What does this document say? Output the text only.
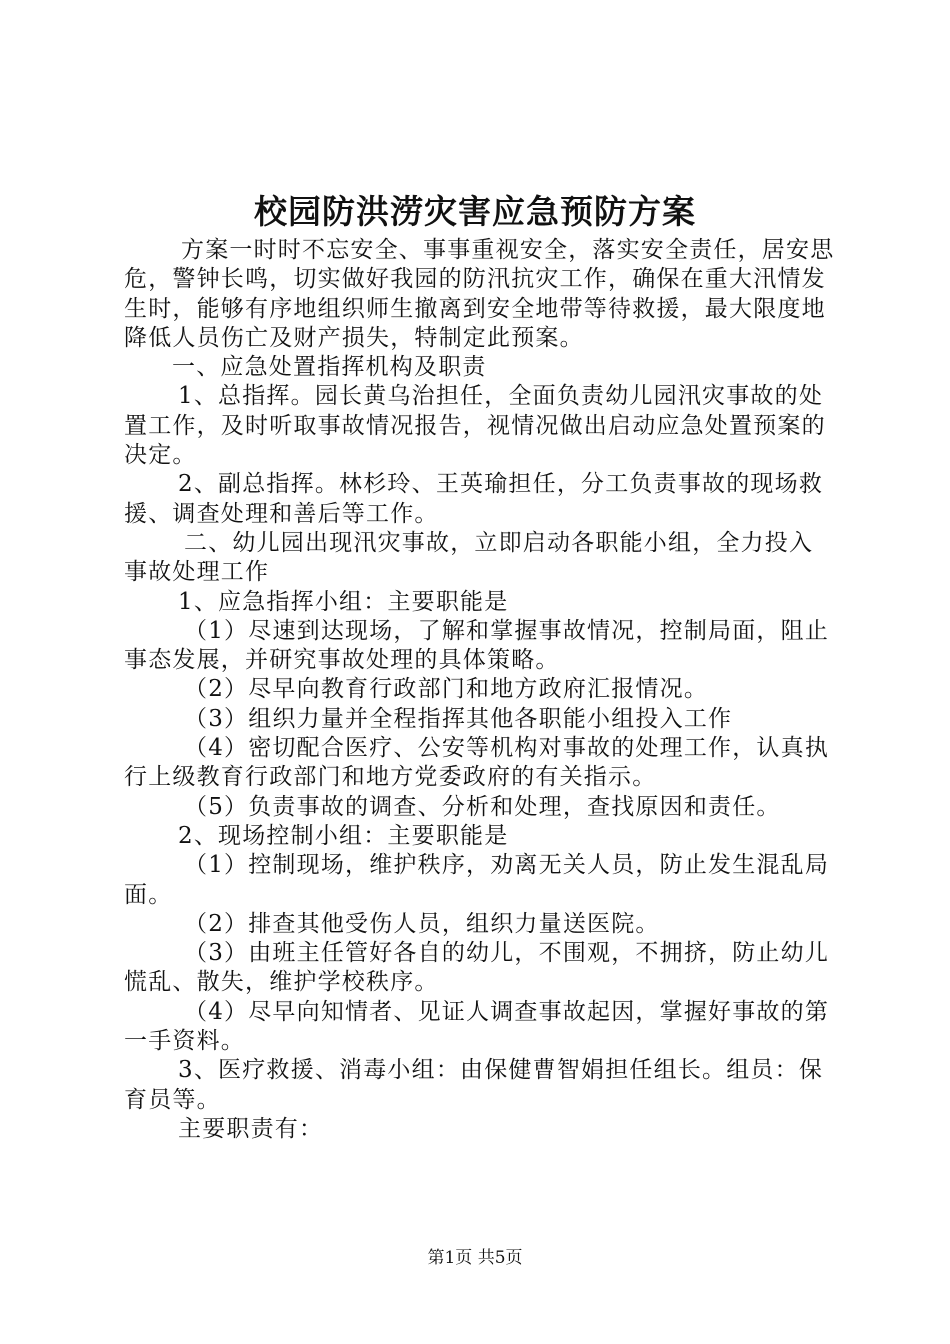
校园防洪涝灾害应急预防方案

方案一时时不忘安全、事事重视安全，落实安全责任，居安思危，警钟长鸣，切实做好我园的防汛抗灾工作，确保在重大汛情发生时，能够有序地组织师生撤离到安全地带等待救援，最大限度地降低人员伤亡及财产损失，特制定此预案。

一、应急处置指挥机构及职责

1、总指挥。园长黄乌治担任，全面负责幼儿园汛灾事故的处置工作，及时听取事故情况报告，视情况做出启动应急处置预案的决定。

2、副总指挥。林杉玲、王英瑜担任，分工负责事故的现场救援、调查处理和善后等工作。

二、幼儿园出现汛灾事故，立即启动各职能小组，全力投入事故处理工作

1、应急指挥小组：主要职能是

（1）尽速到达现场，了解和掌握事故情况，控制局面，阻止事态发展，并研究事故处理的具体策略。

（2）尽早向教育行政部门和地方政府汇报情况。

（3）组织力量并全程指挥其他各职能小组投入工作

（4）密切配合医疗、公安等机构对事故的处理工作，认真执行上级教育行政部门和地方党委政府的有关指示。

（5）负责事故的调查、分析和处理，查找原因和责任。

2、现场控制小组：主要职能是

（1）控制现场，维护秩序，劝离无关人员，防止发生混乱局面。

（2）排查其他受伤人员，组织力量送医院。

（3）由班主任管好各自的幼儿，不围观，不拥挤，防止幼儿慌乱、散失，维护学校秩序。

（4）尽早向知情者、见证人调查事故起因，掌握好事故的第一手资料。

3、医疗救援、消毒小组：由保健曹智娟担任组长。组员：保育员等。

主要职责有：

第1页 共5页
